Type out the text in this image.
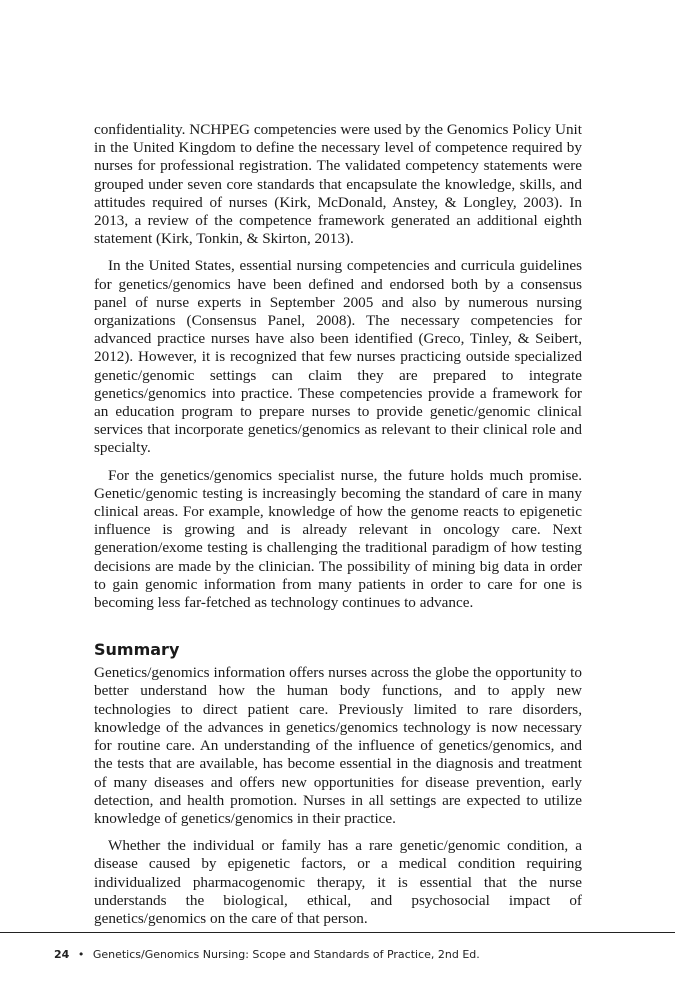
confidentiality. NCHPEG competencies were used by the Genomics Policy Unit in the United Kingdom to define the necessary level of competence required by nurses for professional registration. The validated competency statements were grouped under seven core standards that encapsulate the knowledge, skills, and attitudes required of nurses (Kirk, McDonald, Anstey, & Longley, 2003). In 2013, a review of the competence framework generated an additional eighth statement (Kirk, Tonkin, & Skirton, 2013).

In the United States, essential nursing competencies and curricula guidelines for genetics/genomics have been defined and endorsed both by a consensus panel of nurse experts in September 2005 and also by numerous nursing organizations (Consensus Panel, 2008). The necessary competencies for advanced practice nurses have also been identified (Greco, Tinley, & Seibert, 2012). However, it is recognized that few nurses practicing outside specialized genetic/genomic settings can claim they are prepared to integrate genetics/genomics into practice. These competencies provide a framework for an education program to prepare nurses to provide genetic/genomic clinical services that incorporate genetics/genomics as relevant to their clinical role and specialty.

For the genetics/genomics specialist nurse, the future holds much promise. Genetic/genomic testing is increasingly becoming the standard of care in many clinical areas. For example, knowledge of how the genome reacts to epigenetic influence is growing and is already relevant in oncology care. Next generation/exome testing is challenging the traditional paradigm of how testing decisions are made by the clinician. The possibility of mining big data in order to gain genomic information from many patients in order to care for one is becoming less far-fetched as technology continues to advance.

Summary

Genetics/genomics information offers nurses across the globe the opportunity to better understand how the human body functions, and to apply new technologies to direct patient care. Previously limited to rare disorders, knowledge of the advances in genetics/genomics technology is now necessary for routine care. An understanding of the influence of genetics/genomics, and the tests that are available, has become essential in the diagnosis and treatment of many diseases and offers new opportunities for disease prevention, early detection, and health promotion. Nurses in all settings are expected to utilize knowledge of genetics/genomics in their practice.

Whether the individual or family has a rare genetic/genomic condition, a disease caused by epigenetic factors, or a medical condition requiring individualized pharmacogenomic therapy, it is essential that the nurse understands the biological, ethical, and psychosocial impact of genetics/genomics on the care of that person.

24 • Genetics/Genomics Nursing: Scope and Standards of Practice, 2nd Ed.
